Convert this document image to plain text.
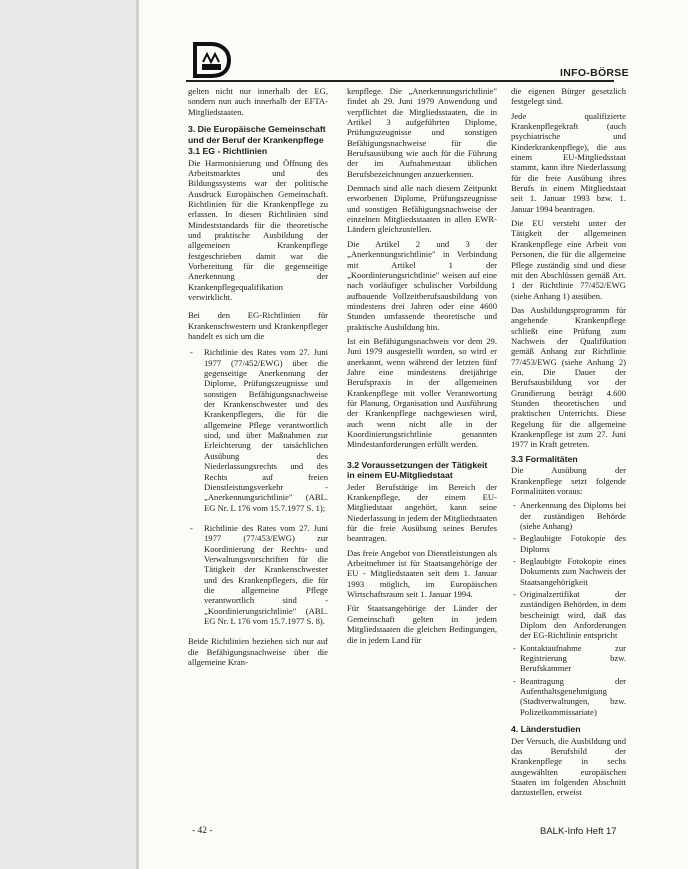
INFO-BÖRSE

gelten nicht nur innerhalb der EG, sondern nun auch innerhalb der EFTA-Mitgliedstaaten.

3. Die Europäische Gemeinschaft und der Beruf der Krankenpflege
3.1 EG - Richtlinien

Die Harmonisierung und Öffnung des Arbeitsmarktes und des Bildungssystems war der politische Ausdruck Europäischen Gemeinschaft. Richtlinien für die Krankenpflege zu erlassen. In diesen Richtlinien sind Mindeststandards für die theoretische und praktische Ausbildung der allgemeinen Krankenpflege festgeschrieben damit war die Vorbereitung für die gegenseitige Anerkennung der Krankenpflegequalifikation verwirklicht.

Bei den EG-Richtlinien für Krankenschwestern und Krankenpfleger handelt es sich um die

- Richtlinie des Rates vom 27. Juni 1977 (77/452/EWG) über die gegenseitige Anerkennung der Diplome, Prüfungszeugnisse und sonstigen Befähigungsnachweise der Krankenschwester und des Krankenpflegers, die für die allgemeine Pflege verantwortlich sind, und über Maßnahmen zur Erleichterung der tatsächlichen Ausübung des Niederlassungsrechts und des Rechts auf freien Dienstleistungsverkehr - „Anerkennungsrichtlinie" (ABL. EG Nr. L 176 vom 15.7.1977 S. 1);
- Richtlinie des Rates vom 27. Juni 1977 (77/453/EWG) zur Koordinierung der Rechts- und Verwaltungsvorschriften für die Tätigkeit der Krankenschwester und des Krankenpflegers, die für die allgemeine Pflege verantwortlich sind - „Koordinierungsrichtlinie" (ABL. EG Nr. L 176 vom 15.7.1977 S. 8).

Beide Richtlinien beziehen sich nur auf die Befähigungsnachweise über die allgemeine Kran-

kenpflege. Die „Anerkennungsrichtlinie" findet ab 29. Juni 1979 Anwendung und verpflichtet die Mitgliedsstaaten, die in Artikel 3 aufgeführten Diplome, Prüfungszeugnisse und sonstigen Befähigungsnachweise für die Berufsausübung wie auch für die Führung der im Aufnahmestaat üblichen Berufsbezeichnungen anzuerkennen.

Demnach sind alle nach diesem Zeitpunkt erworbenen Diplome, Prüfungszeugnisse und sonstigen Befähigungsnachweise der einzelnen Mitgliedsstaaten in allen EWR-Ländern gleichzustellen.

Die Artikel 2 und 3 der „Anerkennungsrichtlinie" in Verbindung mit Artikel 1 der „Koordinierungsrichtlinie" weisen auf eine nach vorläufiger schulischer Vorbildung aufbauende Vollzeitberufsausbildung von mindestens drei Jahren oder eine 4600 Stunden umfassende theoretische und praktische Ausbildung hin.

Ist ein Befähigungsnachweis vor dem 29. Juni 1979 ausgestellt worden, so wird er anerkannt, wenn während der letzten fünf Jahre eine mindestens dreijährige Berufspraxis in der allgemeinen Krankenpflege mit voller Verantwortung für Planung, Organisation und Ausführung der Krankenpflege nachgewiesen wird, auch wenn nicht alle in der Koordinierungsrichtlinie genannten Mindestanforderungen erfüllt werden.

3.2 Voraussetzungen der Tätigkeit in einem EU-Mitgliedstaat

Jeder Berufstätige im Bereich der Krankenpflege, der einem EU-Mitgliedstaat angehört, kann seine Niederlassung in jedem der Mitgliedstaaten für die freie Ausübung seines Berufes beantragen.

Das freie Angebot von Dienstleistungen als Arbeitnehmer ist für Staatsangehörige der EU - Mitgliedstaaten seit dem 1. Januar 1993 möglich, im Europäischen Wirtschaftsraum seit 1. Januar 1994.

Für Staatsangehörige der Länder der Gemeinschaft gelten in jedem Mitgliedstaaten die gleichen Bedingungen, die in jedem Land für

die eigenen Bürger gesetzlich festgelegt sind.

Jede qualifizierte Krankenpflegekraft (auch psychiatrische und Kinderkrankenpflege), die aus einem EU-Mitgliedsstaat stammt, kann ihre Niederlassung für die freie Ausübung ihres Berufs in einem Mitgliedstaat seit 1. Januar 1993 bzw. 1. Januar 1994 beantragen.

Die EU versteht unter der Tätigkeit der allgemeinen Krankenpflege eine Arbeit von Personen, die für die allgemeine Pflege zuständig sind und diese mit den Abschlüssen gemäß Art. 1 der Richtlinie 77/452/EWG (siehe Anhang 1) ausüben.

Das Ausbildungsprogramm für angehende Krankenpflege schließt eine Prüfung zum Nachweis der Qualifikation gemäß Anhang zur Richtlinie 77/453/EWG (siehe Anhang 2) ein. Die Dauer der Berufsausbildung vor der Grundierung beträgt 4.600 Stunden theoretischen und praktischen Unterrichts. Diese Regelung für die allgemeine Krankenpflege ist zum 27. Juni 1977 in Kraft getreten.

3.3 Formalitäten

Die Ausübung der Krankenpflege setzt folgende Formalitäten voraus:

- Anerkennung des Diploms bei der zuständigen Behörde (siehe Anhang)
- Beglaubigte Fotokopie des Diploms
- Beglaubigte Fotokopie eines Dokuments zum Nachweis der Staatsangehörigkeit
- Originalzertifikat der zuständigen Behörden, in dem bescheinigt wird, daß das Diplom den Anforderungen der EG-Richtlinie entspricht
- Kontaktaufnahme zur Registrierung bzw. Berufskammer
- Beantragung der Aufenthaltsgenehmigung (Stadtverwaltungen, bzw. Polizeikommissariate)
4. Länderstudien

Der Versuch, die Ausbildung und das Berufsbild der Krankenpflege in sechs ausgewählten europäischen Staaten im folgenden Abschnitt darzustellen, erweist

- 42 -	BALK-Info Heft 17
